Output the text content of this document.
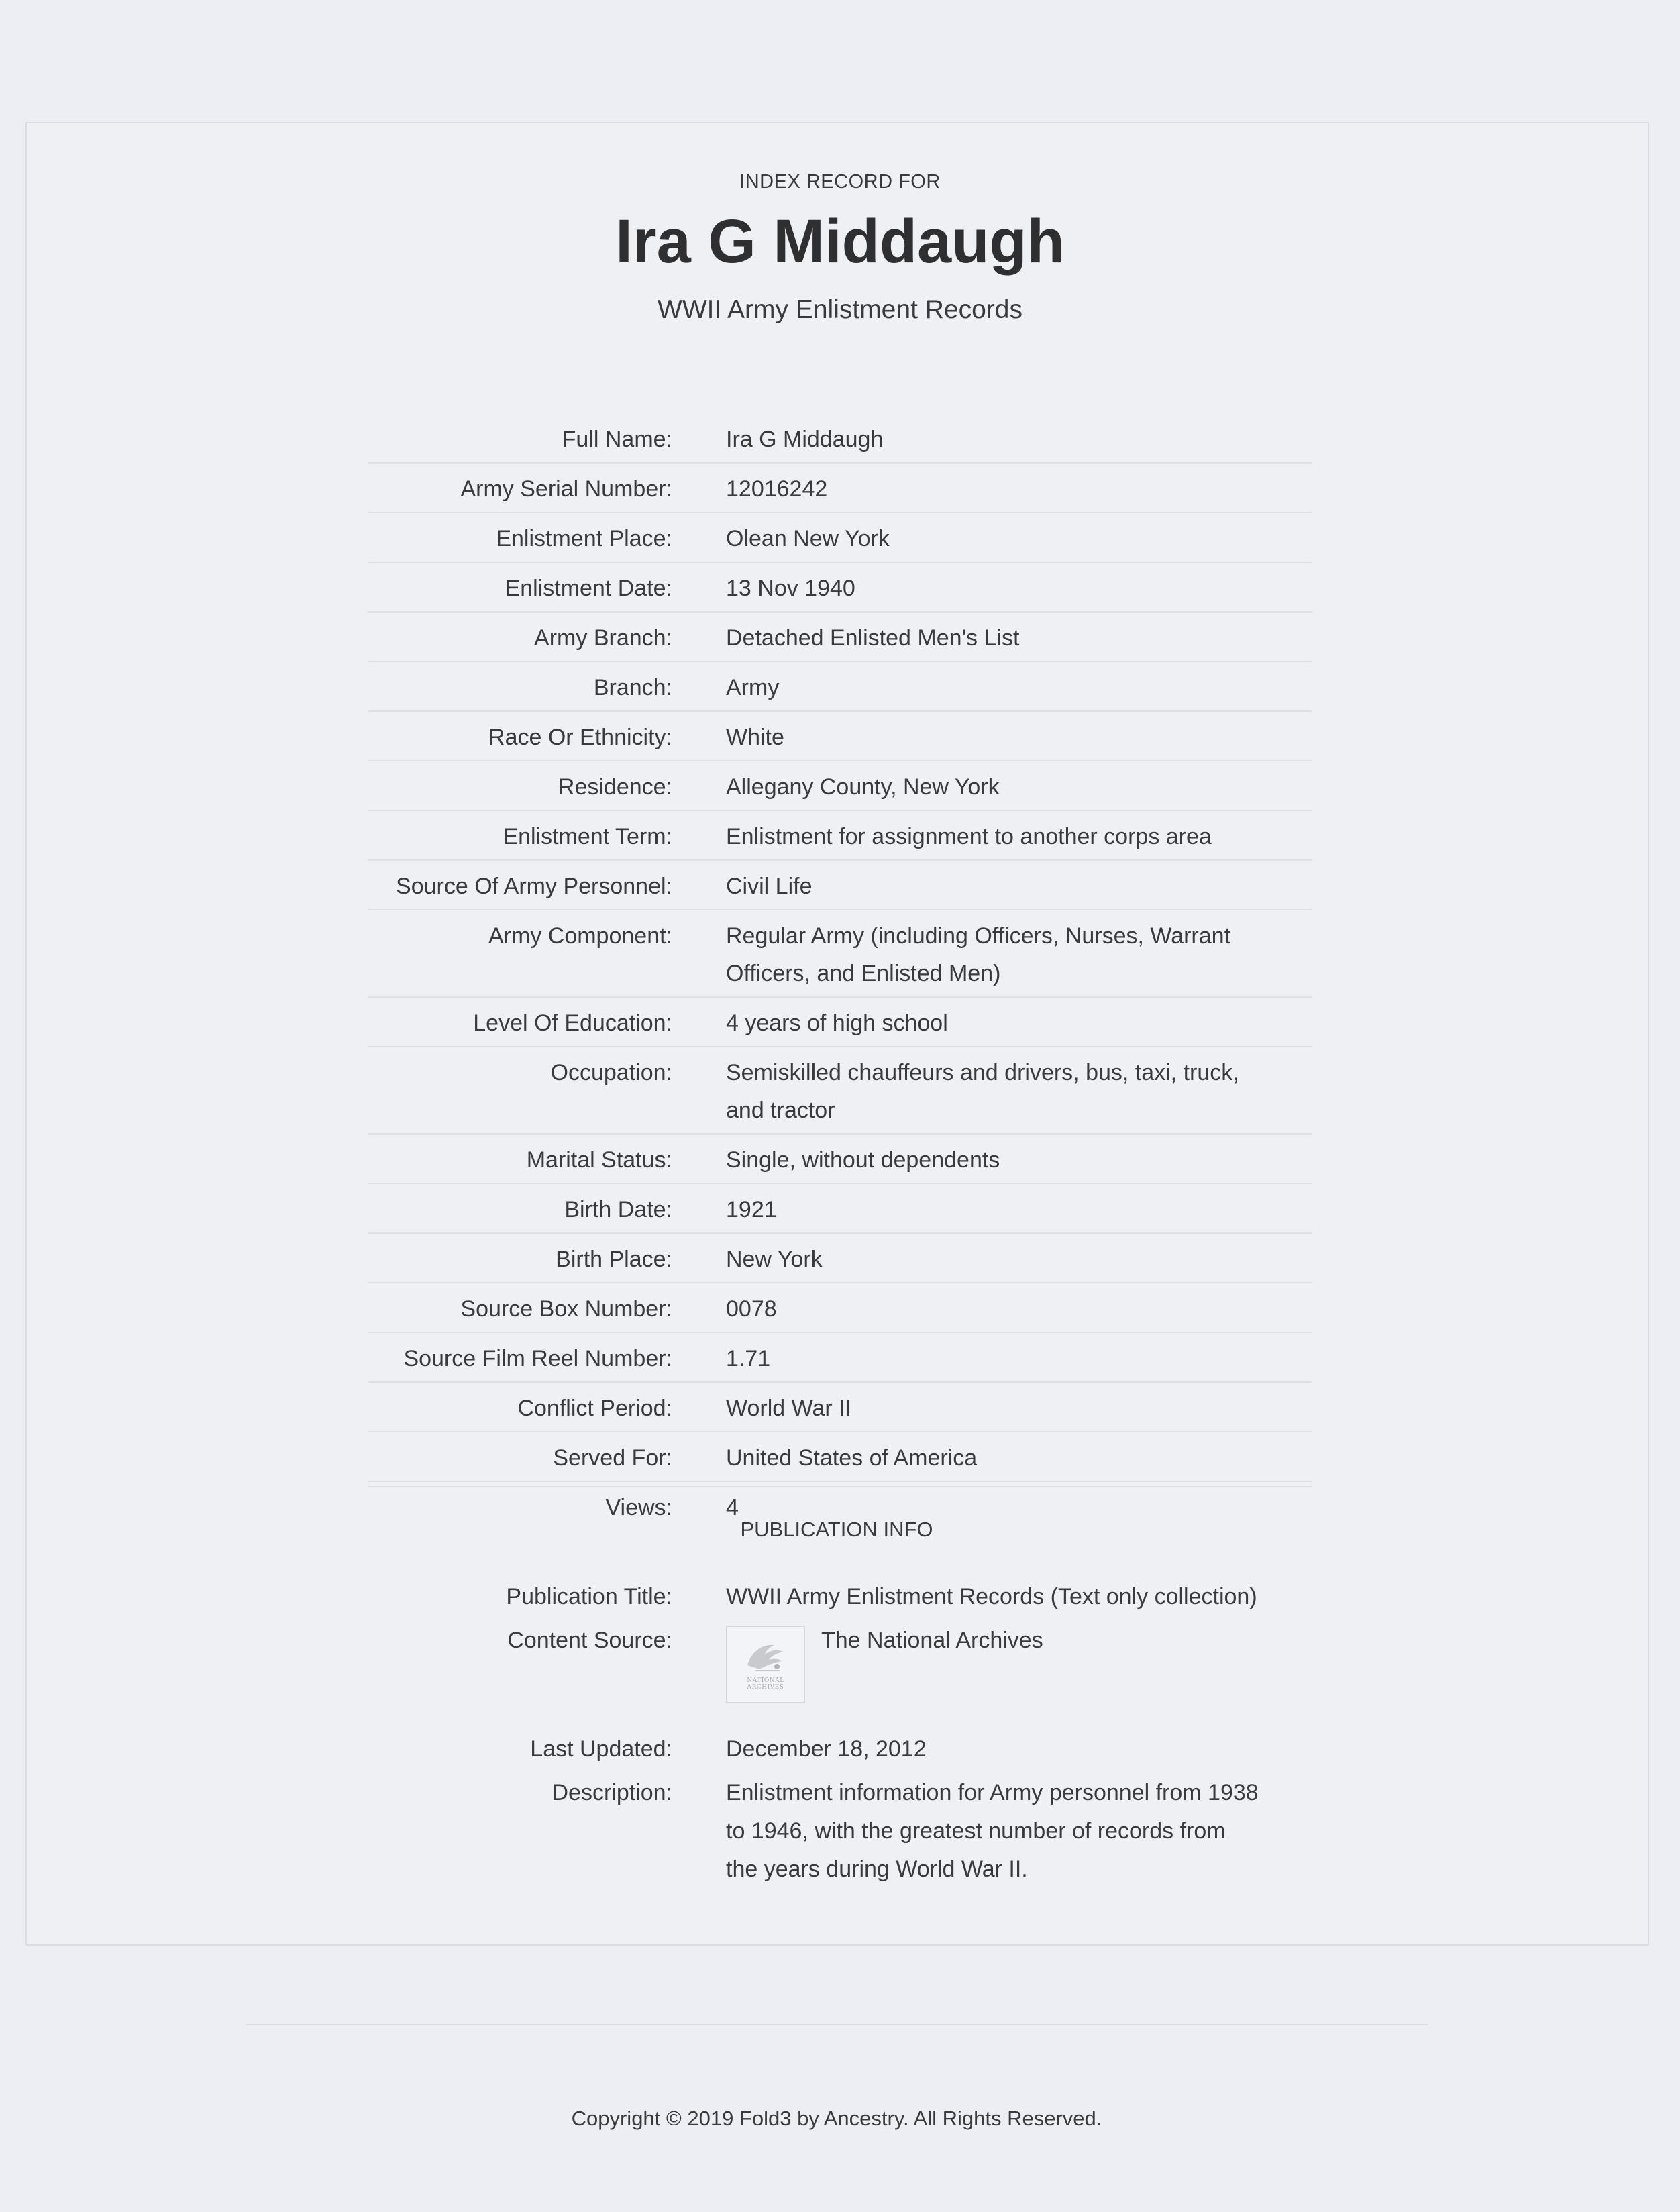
INDEX RECORD FOR
Ira G Middaugh
WWII Army Enlistment Records
Full Name: Ira G Middaugh
Army Serial Number: 12016242
Enlistment Place: Olean New York
Enlistment Date: 13 Nov 1940
Army Branch: Detached Enlisted Men's List
Branch: Army
Race Or Ethnicity: White
Residence: Allegany County, New York
Enlistment Term: Enlistment for assignment to another corps area
Source Of Army Personnel: Civil Life
Army Component: Regular Army (including Officers, Nurses, Warrant Officers, and Enlisted Men)
Level Of Education: 4 years of high school
Occupation: Semiskilled chauffeurs and drivers, bus, taxi, truck, and tractor
Marital Status: Single, without dependents
Birth Date: 1921
Birth Place: New York
Source Box Number: 0078
Source Film Reel Number: 1.71
Conflict Period: World War II
Served For: United States of America
Views: 4
PUBLICATION INFO
Publication Title: WWII Army Enlistment Records (Text only collection)
Content Source:
NATIONAL
ARCHIVES
The National Archives
Last Updated: December 18, 2012
Description: Enlistment information for Army personnel from 1938 to 1946, with the greatest number of records from the years during World War II.
Copyright © 2019 Fold3 by Ancestry. All Rights Reserved.
